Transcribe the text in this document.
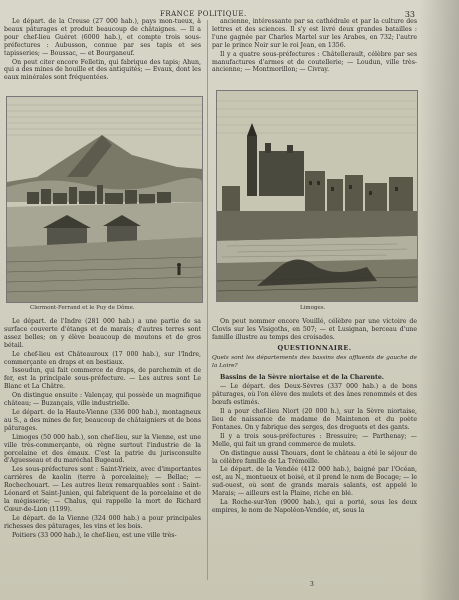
FRANCE POLITIQUE.	33

Le départ. de la Creuse (27 000 hab.), pays mon-tueux, à beaux pâturages et produit beaucoup de châtaignes. — Il a pour chef-lieu Guéret (6000 hab.), et compte trois sous-préfectures : Aubusson, connue par ses tapis et ses tapisseries; — Boussac, — et Bourganeuf.

On peut citer encore Felletin, qui fabrique des tapis; Ahun, qui a des mines de houille et des antiquités; — Evaux, dont les eaux minérales sont fréquentées.

ancienne, intéressante par sa cathédrale et par la culture des lettres et des sciences. Il s'y est livré deux grandes batailles : l'une gagnée par Charles Martel sur les Arabes, en 732; l'autre par le prince Noir sur le roi Jean, en 1356.

Il y a quatre sous-préfectures : Châtellerault, célèbre par ses manufactures d'armes et de coutellerie; — Loudun, ville très-ancienne; — Montmorillon; — Civray.

Clermont-Ferrand et le Puy de Dôme.	Limoges.

Le départ. de l'Indre (281 000 hab.) a une partie de sa surface couverte d'étangs et de marais; d'autres terres sont assez belles; on y élève beaucoup de moutons et de gros bétail.

Le chef-lieu est Châteauroux (17 000 hab.), sur l'Indre, commerçante en draps et en bestiaux.

Issoudun, qui fait commerce de draps, de parchemin et de fer, est la principale sous-préfecture. — Les autres sont Le Blanc et La Châtre.

On distingue ensuite : Valençay, qui possède un magnifique château; — Buzançais, ville industrielle.

Le départ. de la Haute-Vienne (336 000 hab.), montagneux au S., a des mines de fer, beaucoup de châtaigniers et de bons pâturages.

Limoges (50 000 hab.), son chef-lieu, sur la Vienne, est une ville très-commerçante, où règne surtout l'industrie de la porcelaine et des émaux. C'est la patrie du jurisconsulte d'Aguesseau et du maréchal Bugeaud.

Les sous-préfectures sont : Saint-Yrieix, avec d'importantes carrières de kaolin (terre à porcelaine); — Bellac; — Rochechouart. — Les autres lieux remarquables sont : Saint-Léonard et Saint-Junien, qui fabriquent de la porcelaine et de la mégisserie; — Chalus, qui rappelle la mort de Richard Cœur-de-Lion (1199).

Le départ. de la Vienne (324 000 hab.) a pour principales richesses des pâturages, les vins et les bois.

Poitiers (33 000 hab.), le chef-lieu, est une ville très-

On peut nommer encore Vouillé, célèbre par une victoire de Clovis sur les Visigoths, en 507; — et Lusignan, berceau d'une famille illustre au temps des croisades.

QUESTIONNAIRE.
Quels sont les départements des bassins des affluents de gauche de la Loire?

Bassins de la Sèvre niortaise et de la Charente.

— Le départ. des Deux-Sèvres (337 000 hab.) a de bons pâturages, où l'on élève des mulets et des ânes renommés et des bœufs estimés.

Il a pour chef-lieu Niort (20 000 h.), sur la Sèvre niortaise, lieu de naissance de madame de Maintenon et du poète Fontanes. On y fabrique des serges, des droguets et des gants.

Il y a trois sous-préfectures : Bressuire; — Parthenay; — Melle, qui fait un grand commerce de mulets.

On distingue aussi Thouars, dont le château a été le séjour de la célèbre famille de La Trémoille.

Le départ. de la Vendée (412 000 hab.), baigné par l'Océan, est, au N., montueux et boisé, et il prend le nom de Bocage; — le sud-ouest, où sont de grands marais salants, est appelé le Marais; — ailleurs est la Plaine, riche en blé.

La Roche-sur-Yon (9000 hab.), qui a porté, sous les deux empires, le nom de Napoléon-Vendée, et, sous la

3
